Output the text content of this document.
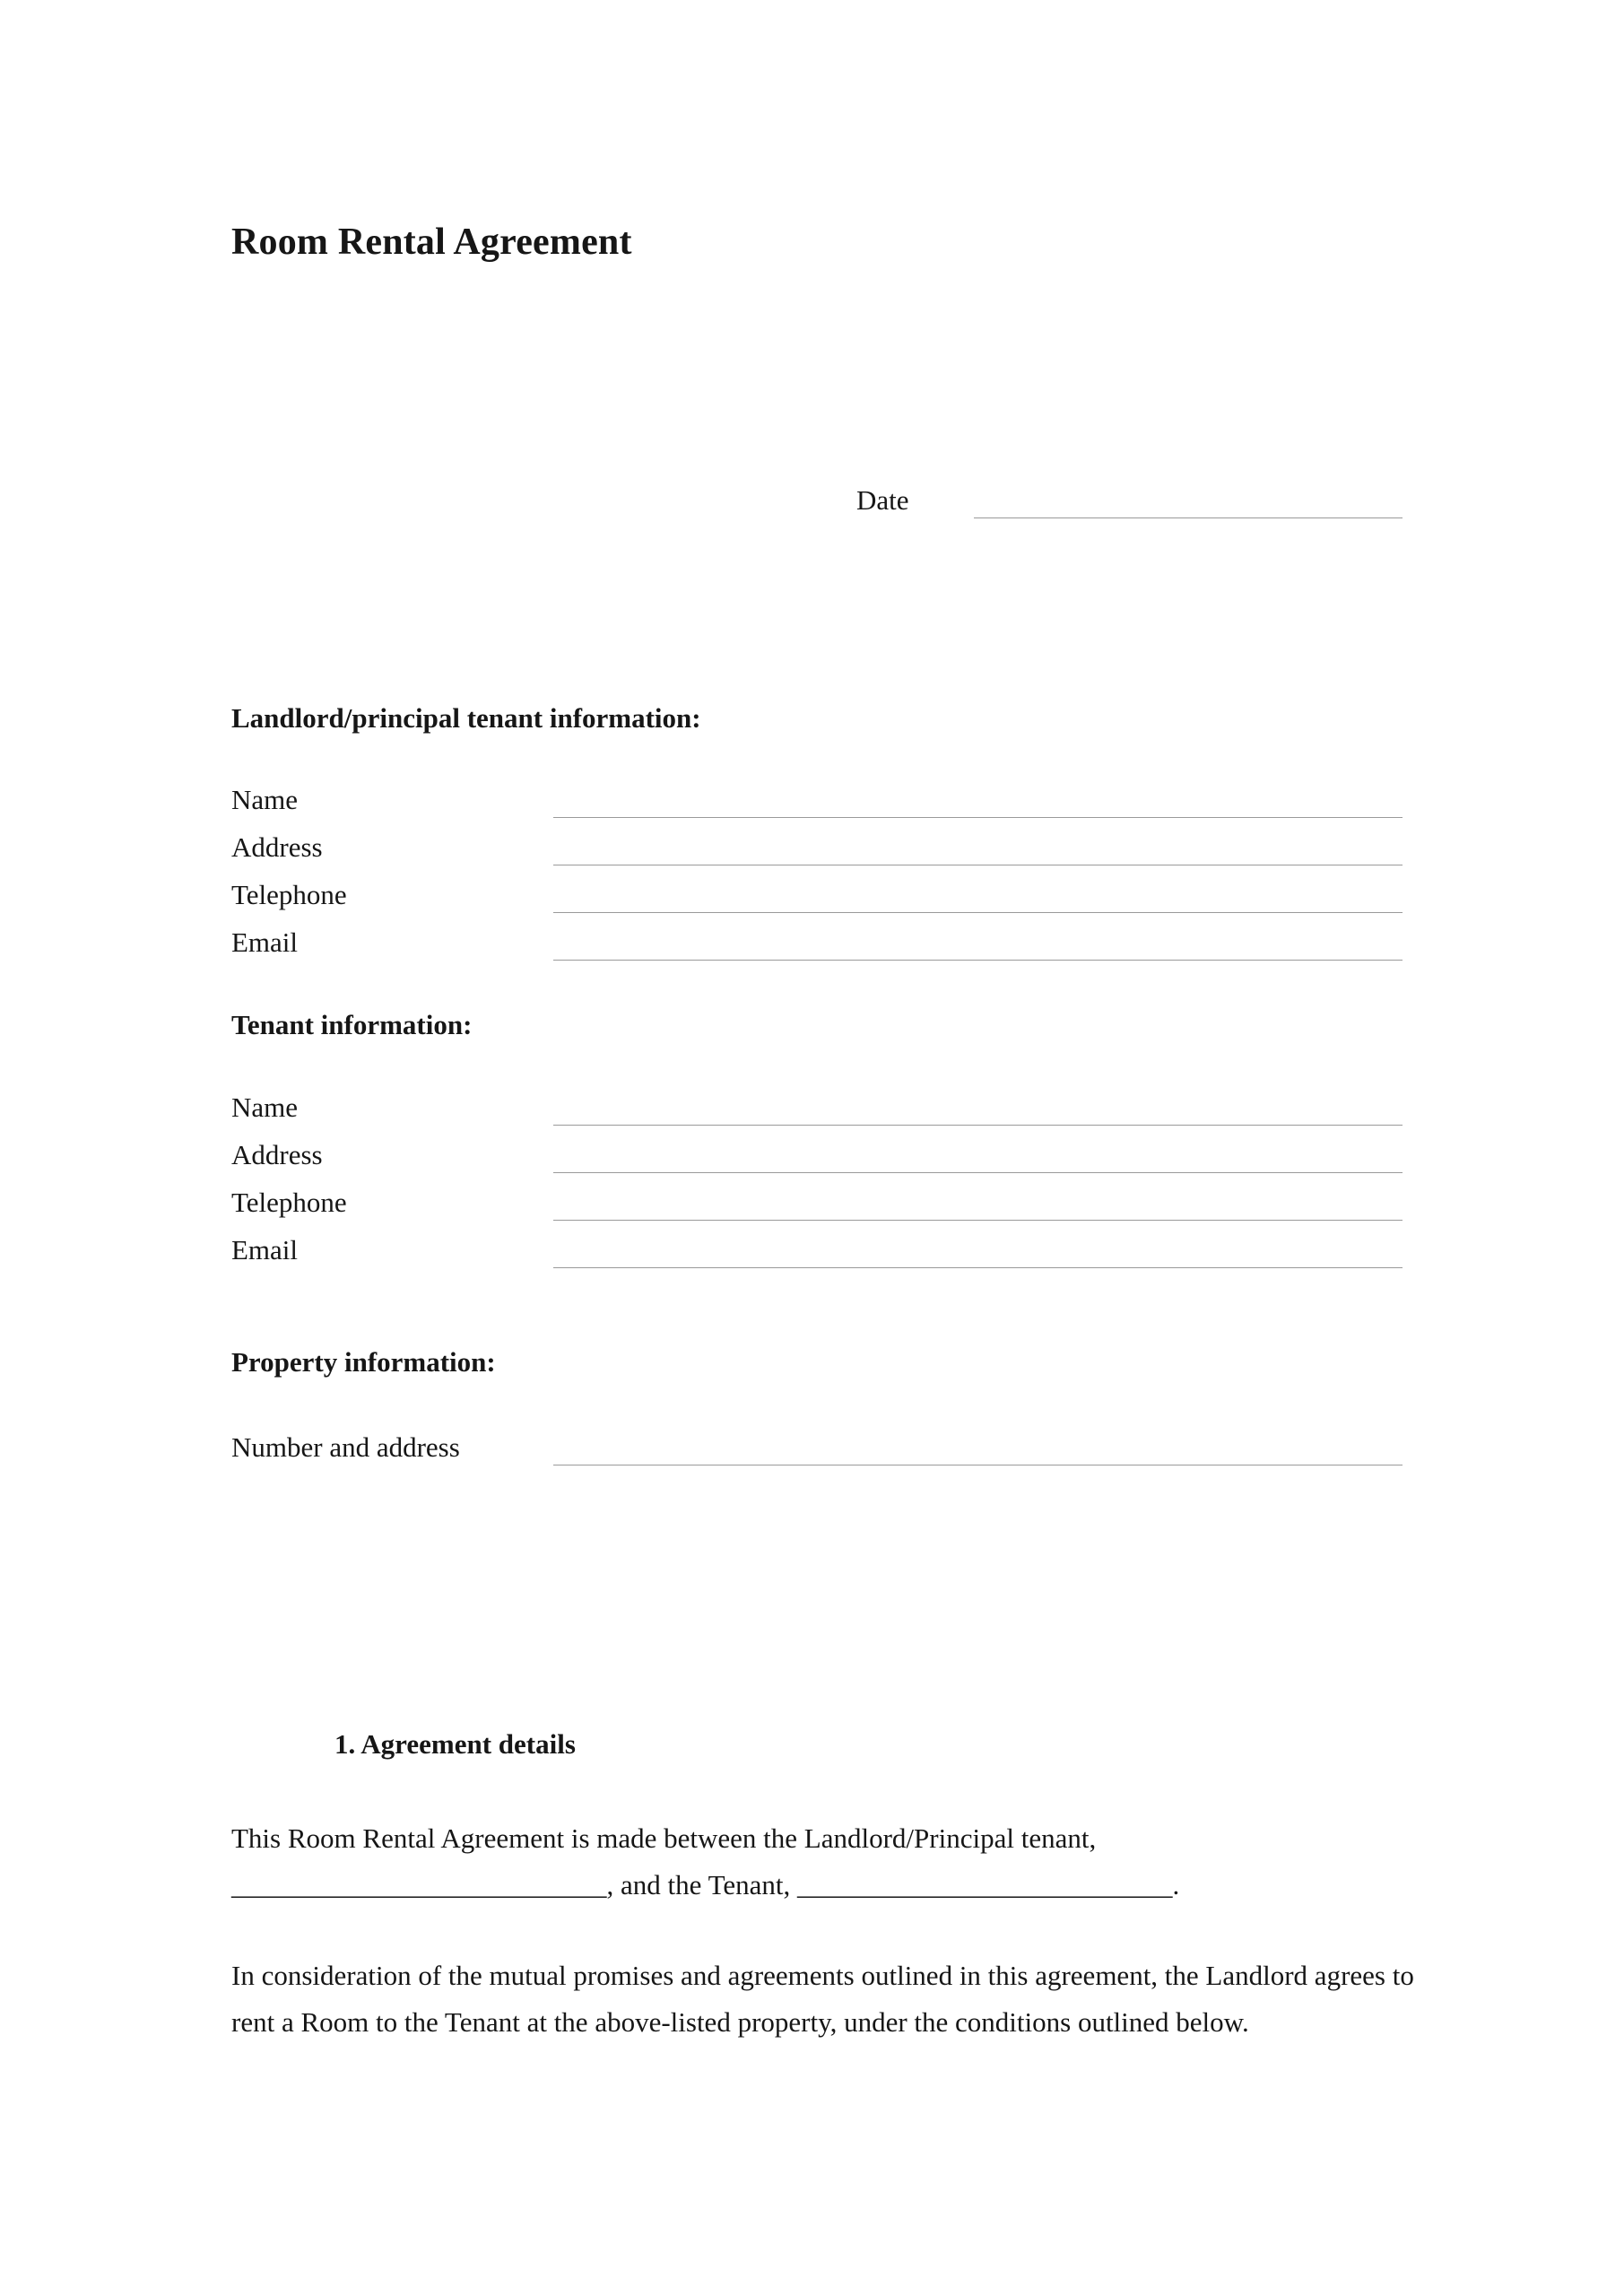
Room Rental Agreement
Date
Landlord/principal tenant information:
Name
Address
Telephone
Email
Tenant information:
Name
Address
Telephone
Email
Property information:
Number and address
1. Agreement details
This Room Rental Agreement is made between the Landlord/Principal tenant,
___________________________, and the Tenant, ___________________________.
In consideration of the mutual promises and agreements outlined in this agreement, the Landlord agrees to rent a Room to the Tenant at the above-listed property, under the conditions outlined below.
